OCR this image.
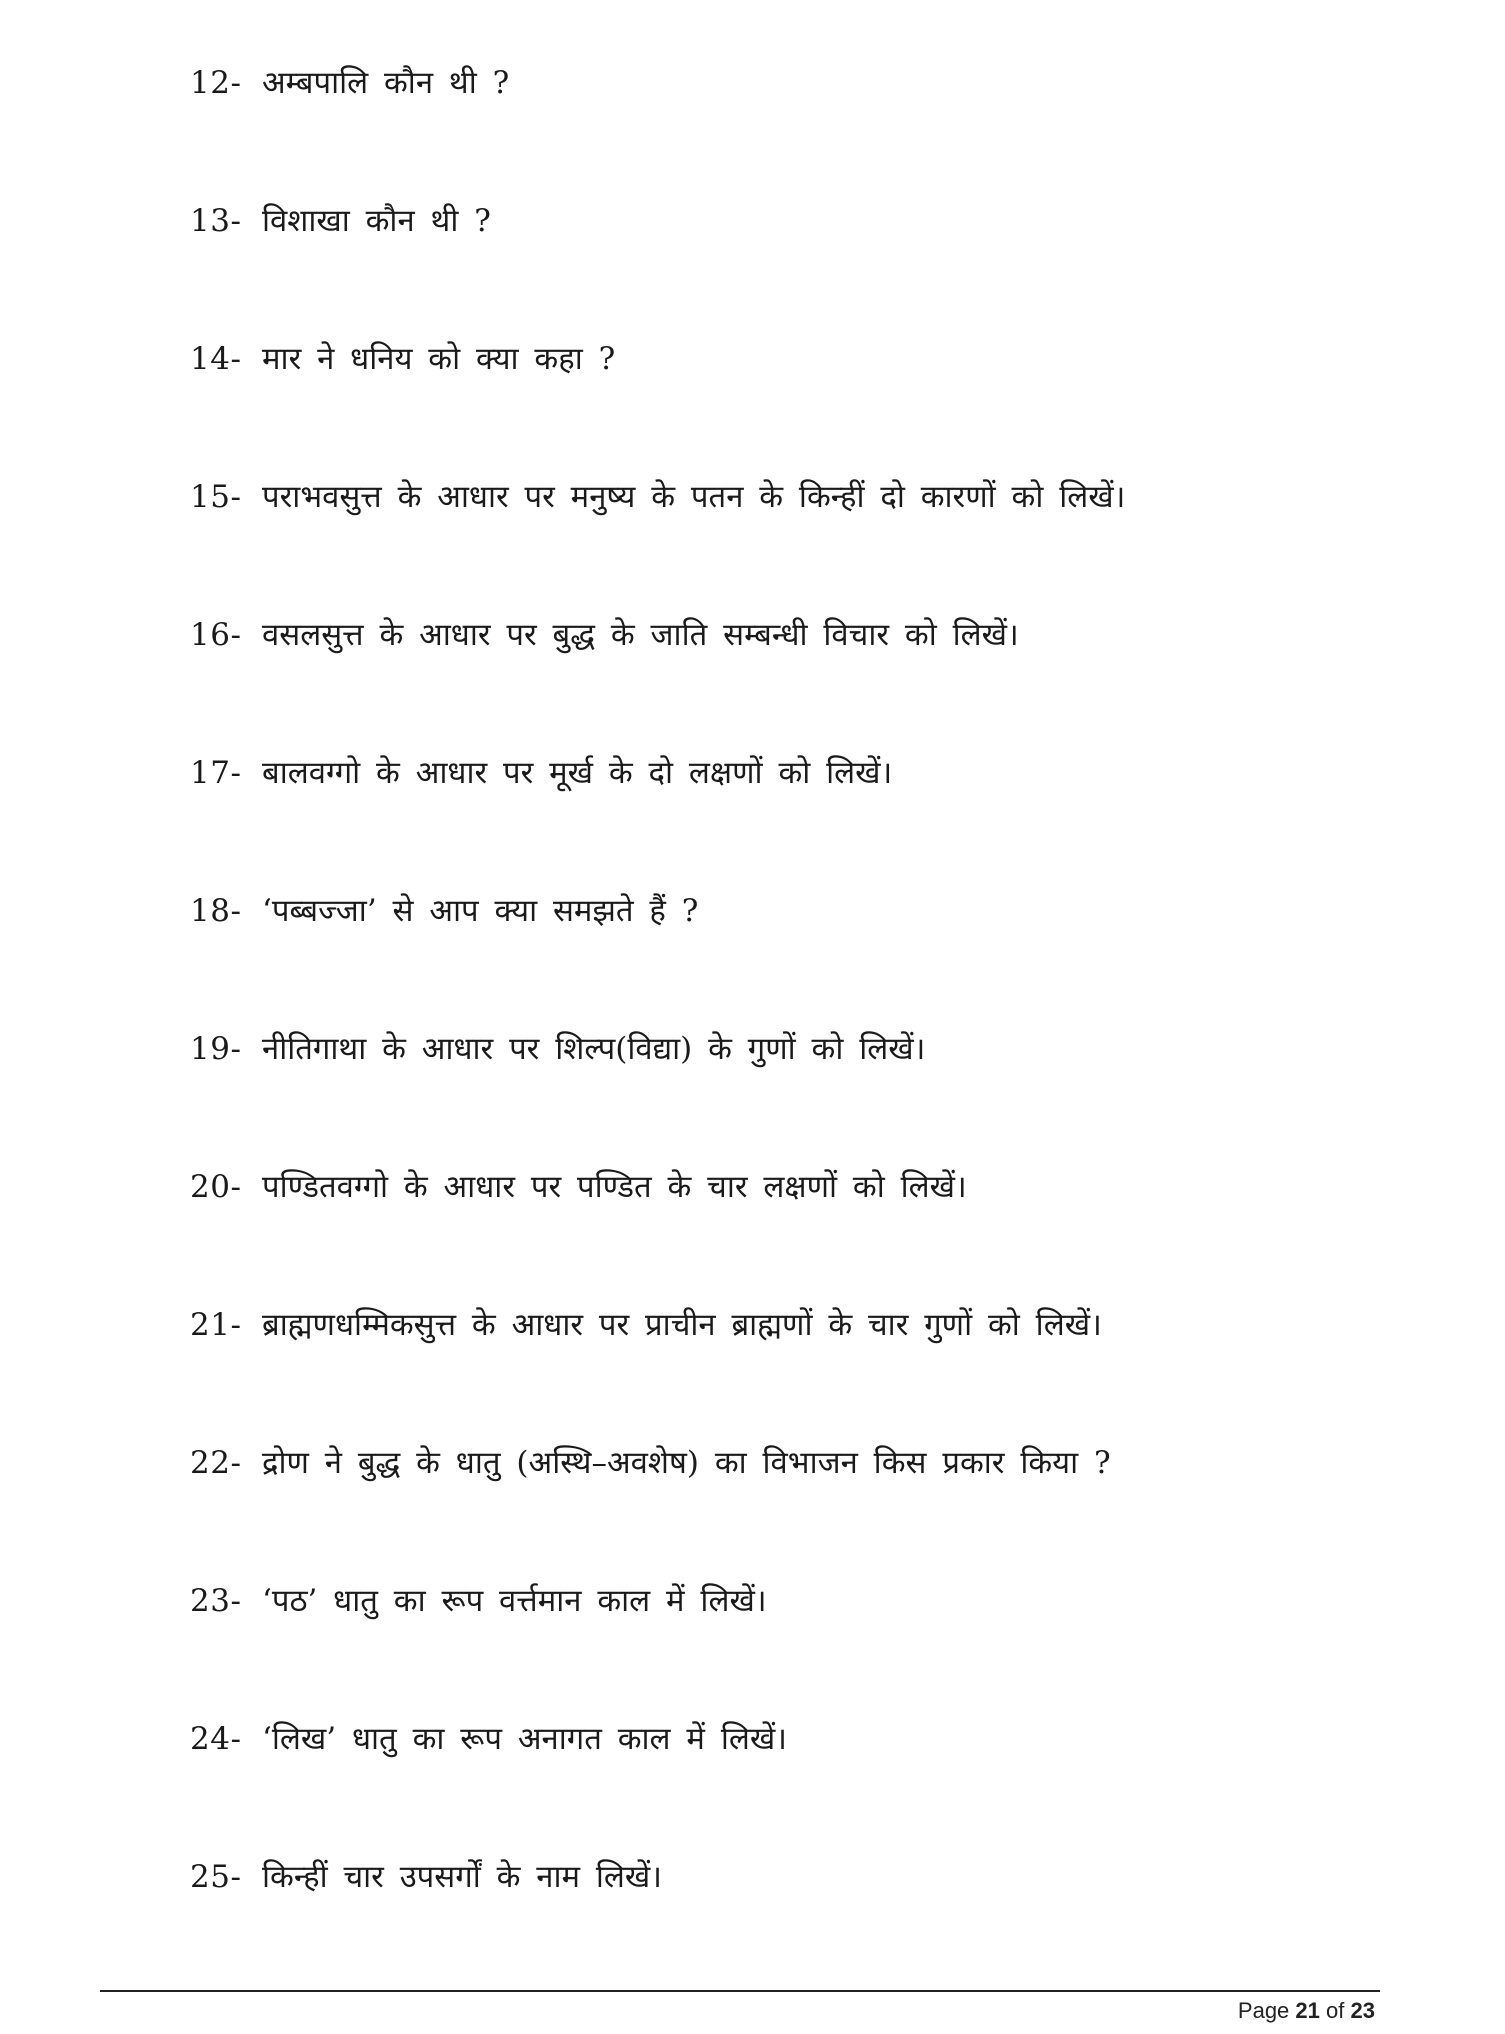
12- अम्बपालि कौन थी ?
13- विशाखा कौन थी ?
14- मार ने धनिय को क्या कहा ?
15- पराभवसुत्त के आधार पर मनुष्य के पतन के किन्हीं दो कारणों को लिखें।
16- वसलसुत्त के आधार पर बुद्ध के जाति सम्बन्धी विचार को लिखें।
17- बालवग्गो के आधार पर मूर्ख के दो लक्षणों को लिखें।
18- ‘पब्बज्जा’ से आप क्या समझते हैं ?
19- नीतिगाथा के आधार पर शिल्प(विद्या) के गुणों को लिखें।
20- पण्डितवग्गो के आधार पर पण्डित के चार लक्षणों को लिखें।
21- ब्राह्मणधम्मिकसुत्त के आधार पर प्राचीन ब्राह्मणों के चार गुणों को लिखें।
22- द्रोण ने बुद्ध के धातु (अस्थि–अवशेष) का विभाजन किस प्रकार किया ?
23- ‘पठ’ धातु का रूप वर्त्तमान काल में लिखें।
24- ‘लिख’ धातु का रूप अनागत काल में लिखें।
25- किन्हीं चार उपसर्गों के नाम लिखें।
Page 21 of 23
